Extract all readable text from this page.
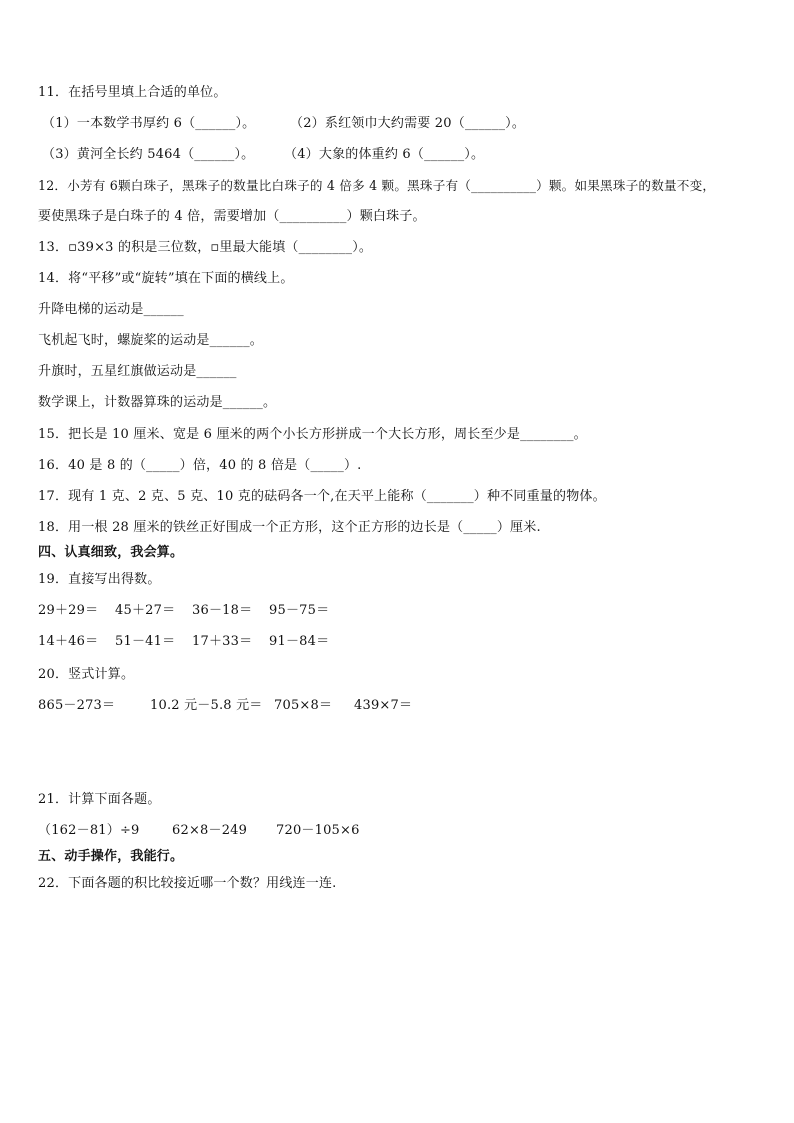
11．在括号里填上合适的单位。
（1）一本数学书厚约 6（______）。	（2）系红领巾大约需要 20（______）。
（3）黄河全长约 5464（______）。 （4）大象的体重约 6（______）。
12．小芳有 6颗白珠子，黑珠子的数量比白珠子的 4 倍多 4 颗。黑珠子有（__________）颗。如果黑珠子的数量不变，
要使黑珠子是白珠子的 4 倍，需要增加（__________）颗白珠子。
13．▫39×3 的积是三位数，▫里最大能填（________）。
14．将“平移”或“旋转”填在下面的横线上。
升降电梯的运动是______
飞机起飞时，螺旋桨的运动是______。
升旗时，五星红旗做运动是______
数学课上，计数器算珠的运动是______。
15．把长是 10 厘米、宽是 6 厘米的两个小长方形拼成一个大长方形，周长至少是________。
16．40 是 8 的（_____）倍，40 的 8 倍是（_____）.
17．现有 1 克、2 克、5 克、10 克的砝码各一个,在天平上能称（_______）种不同重量的物体。
18．用一根 28 厘米的铁丝正好围成一个正方形，这个正方形的边长是（_____）厘米.
四、认真细致，我会算。
19．直接写出得数。
29＋29＝ 45＋27＝ 36－18＝ 95－75＝
14＋46＝ 51－41＝ 17＋33＝ 91－84＝
20．竖式计算。
865－273＝	10.2 元－5.8 元＝ 705×8＝ 439×7＝
21．计算下面各题。
（162－81）÷9 62×8－249 720－105×6
五、动手操作，我能行。
22．下面各题的积比较接近哪一个数？用线连一连.
